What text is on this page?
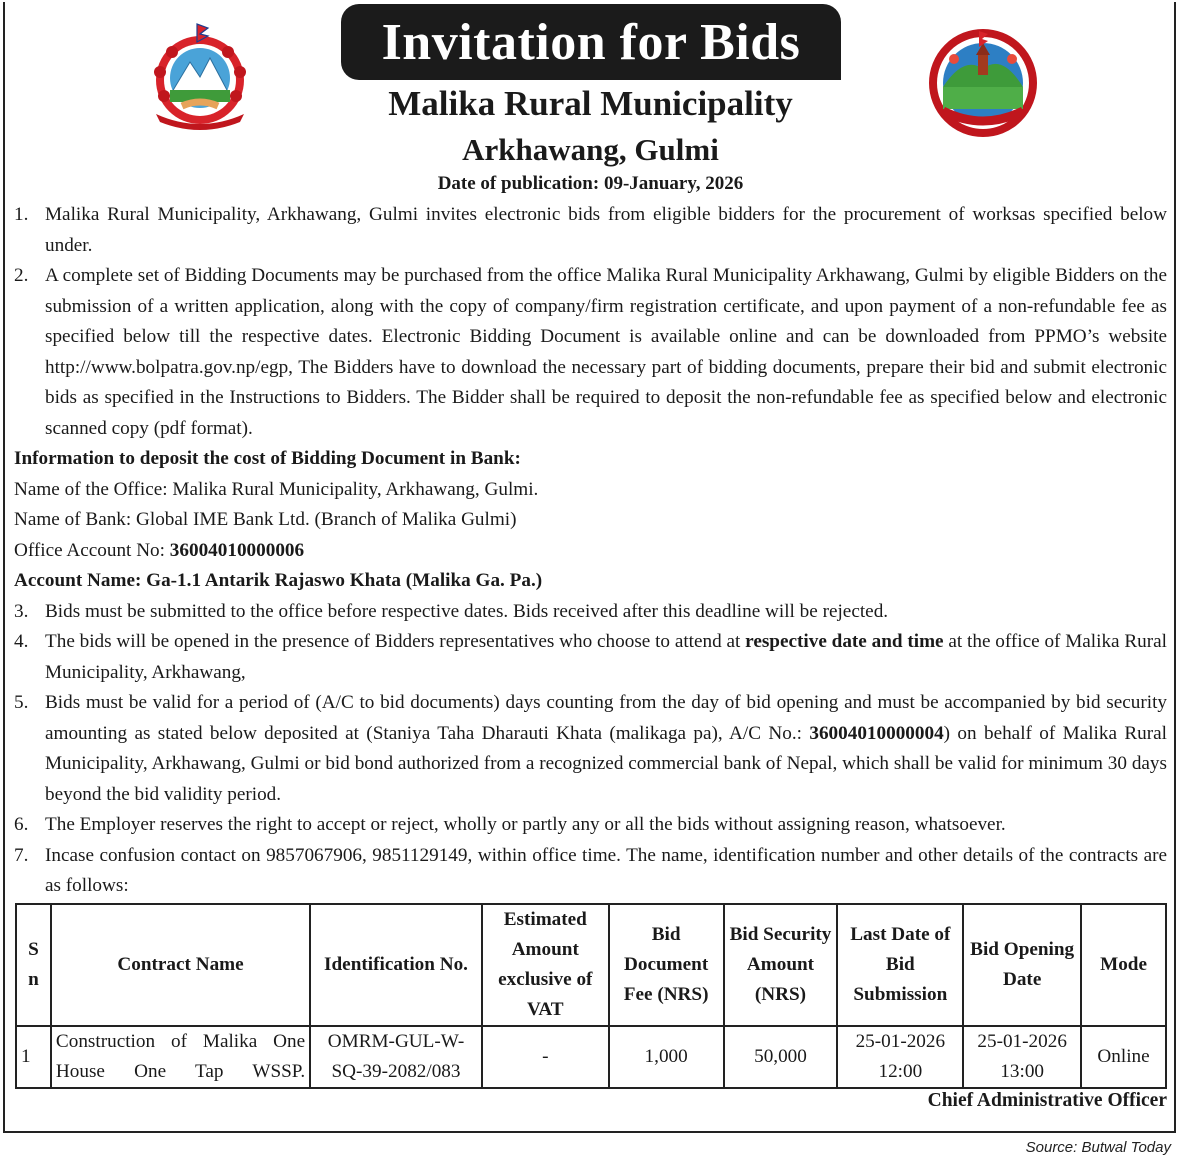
Invitation for Bids
Malika Rural Municipality
Arkhawang, Gulmi
Date of publication: 09-January, 2026
1. Malika Rural Municipality, Arkhawang, Gulmi invites electronic bids from eligible bidders for the procurement of worksas specified below under.
2. A complete set of Bidding Documents may be purchased from the office Malika Rural Municipality Arkhawang, Gulmi by eligible Bidders on the submission of a written application, along with the copy of company/firm registration certificate, and upon payment of a non-refundable fee as specified below till the respective dates. Electronic Bidding Document is available online and can be downloaded from PPMO’s website http://www.bolpatra.gov.np/egp, The Bidders have to download the necessary part of bidding documents, prepare their bid and submit electronic bids as specified in the Instructions to Bidders. The Bidder shall be required to deposit the non-refundable fee as specified below and electronic scanned copy (pdf format).
Information to deposit the cost of Bidding Document in Bank:
Name of the Office: Malika Rural Municipality, Arkhawang, Gulmi.
Name of Bank: Global IME Bank Ltd. (Branch of Malika Gulmi)
Office Account No: 36004010000006
Account Name: Ga-1.1 Antarik Rajaswo Khata (Malika Ga. Pa.)
3. Bids must be submitted to the office before respective dates. Bids received after this deadline will be rejected.
4. The bids will be opened in the presence of Bidders representatives who choose to attend at respective date and time at the office of Malika Rural Municipality, Arkhawang,
5. Bids must be valid for a period of (A/C to bid documents) days counting from the day of bid opening and must be accompanied by bid security amounting as stated below deposited at (Staniya Taha Dharauti Khata (malikaga pa), A/C No.: 36004010000004) on behalf of Malika Rural Municipality, Arkhawang, Gulmi or bid bond authorized from a recognized commercial bank of Nepal, which shall be valid for minimum 30 days beyond the bid validity period.
6. The Employer reserves the right to accept or reject, wholly or partly any or all the bids without assigning reason, whatsoever.
7. Incase confusion contact on 9857067906, 9851129149, within office time. The name, identification number and other details of the contracts are as follows:
S n	Contract Name	Identification No.	Estimated Amount exclusive of VAT	Bid Document Fee (NRS)	Bid Security Amount (NRS)	Last Date of Bid Submission	Bid Opening Date	Mode
1	Construction of Malika One House One Tap WSSP.	OMRM-GUL-W-SQ-39-2082/083	-	1,000	50,000	25-01-2026 12:00	25-01-2026 13:00	Online
Chief Administrative Officer
Source: Butwal Today
